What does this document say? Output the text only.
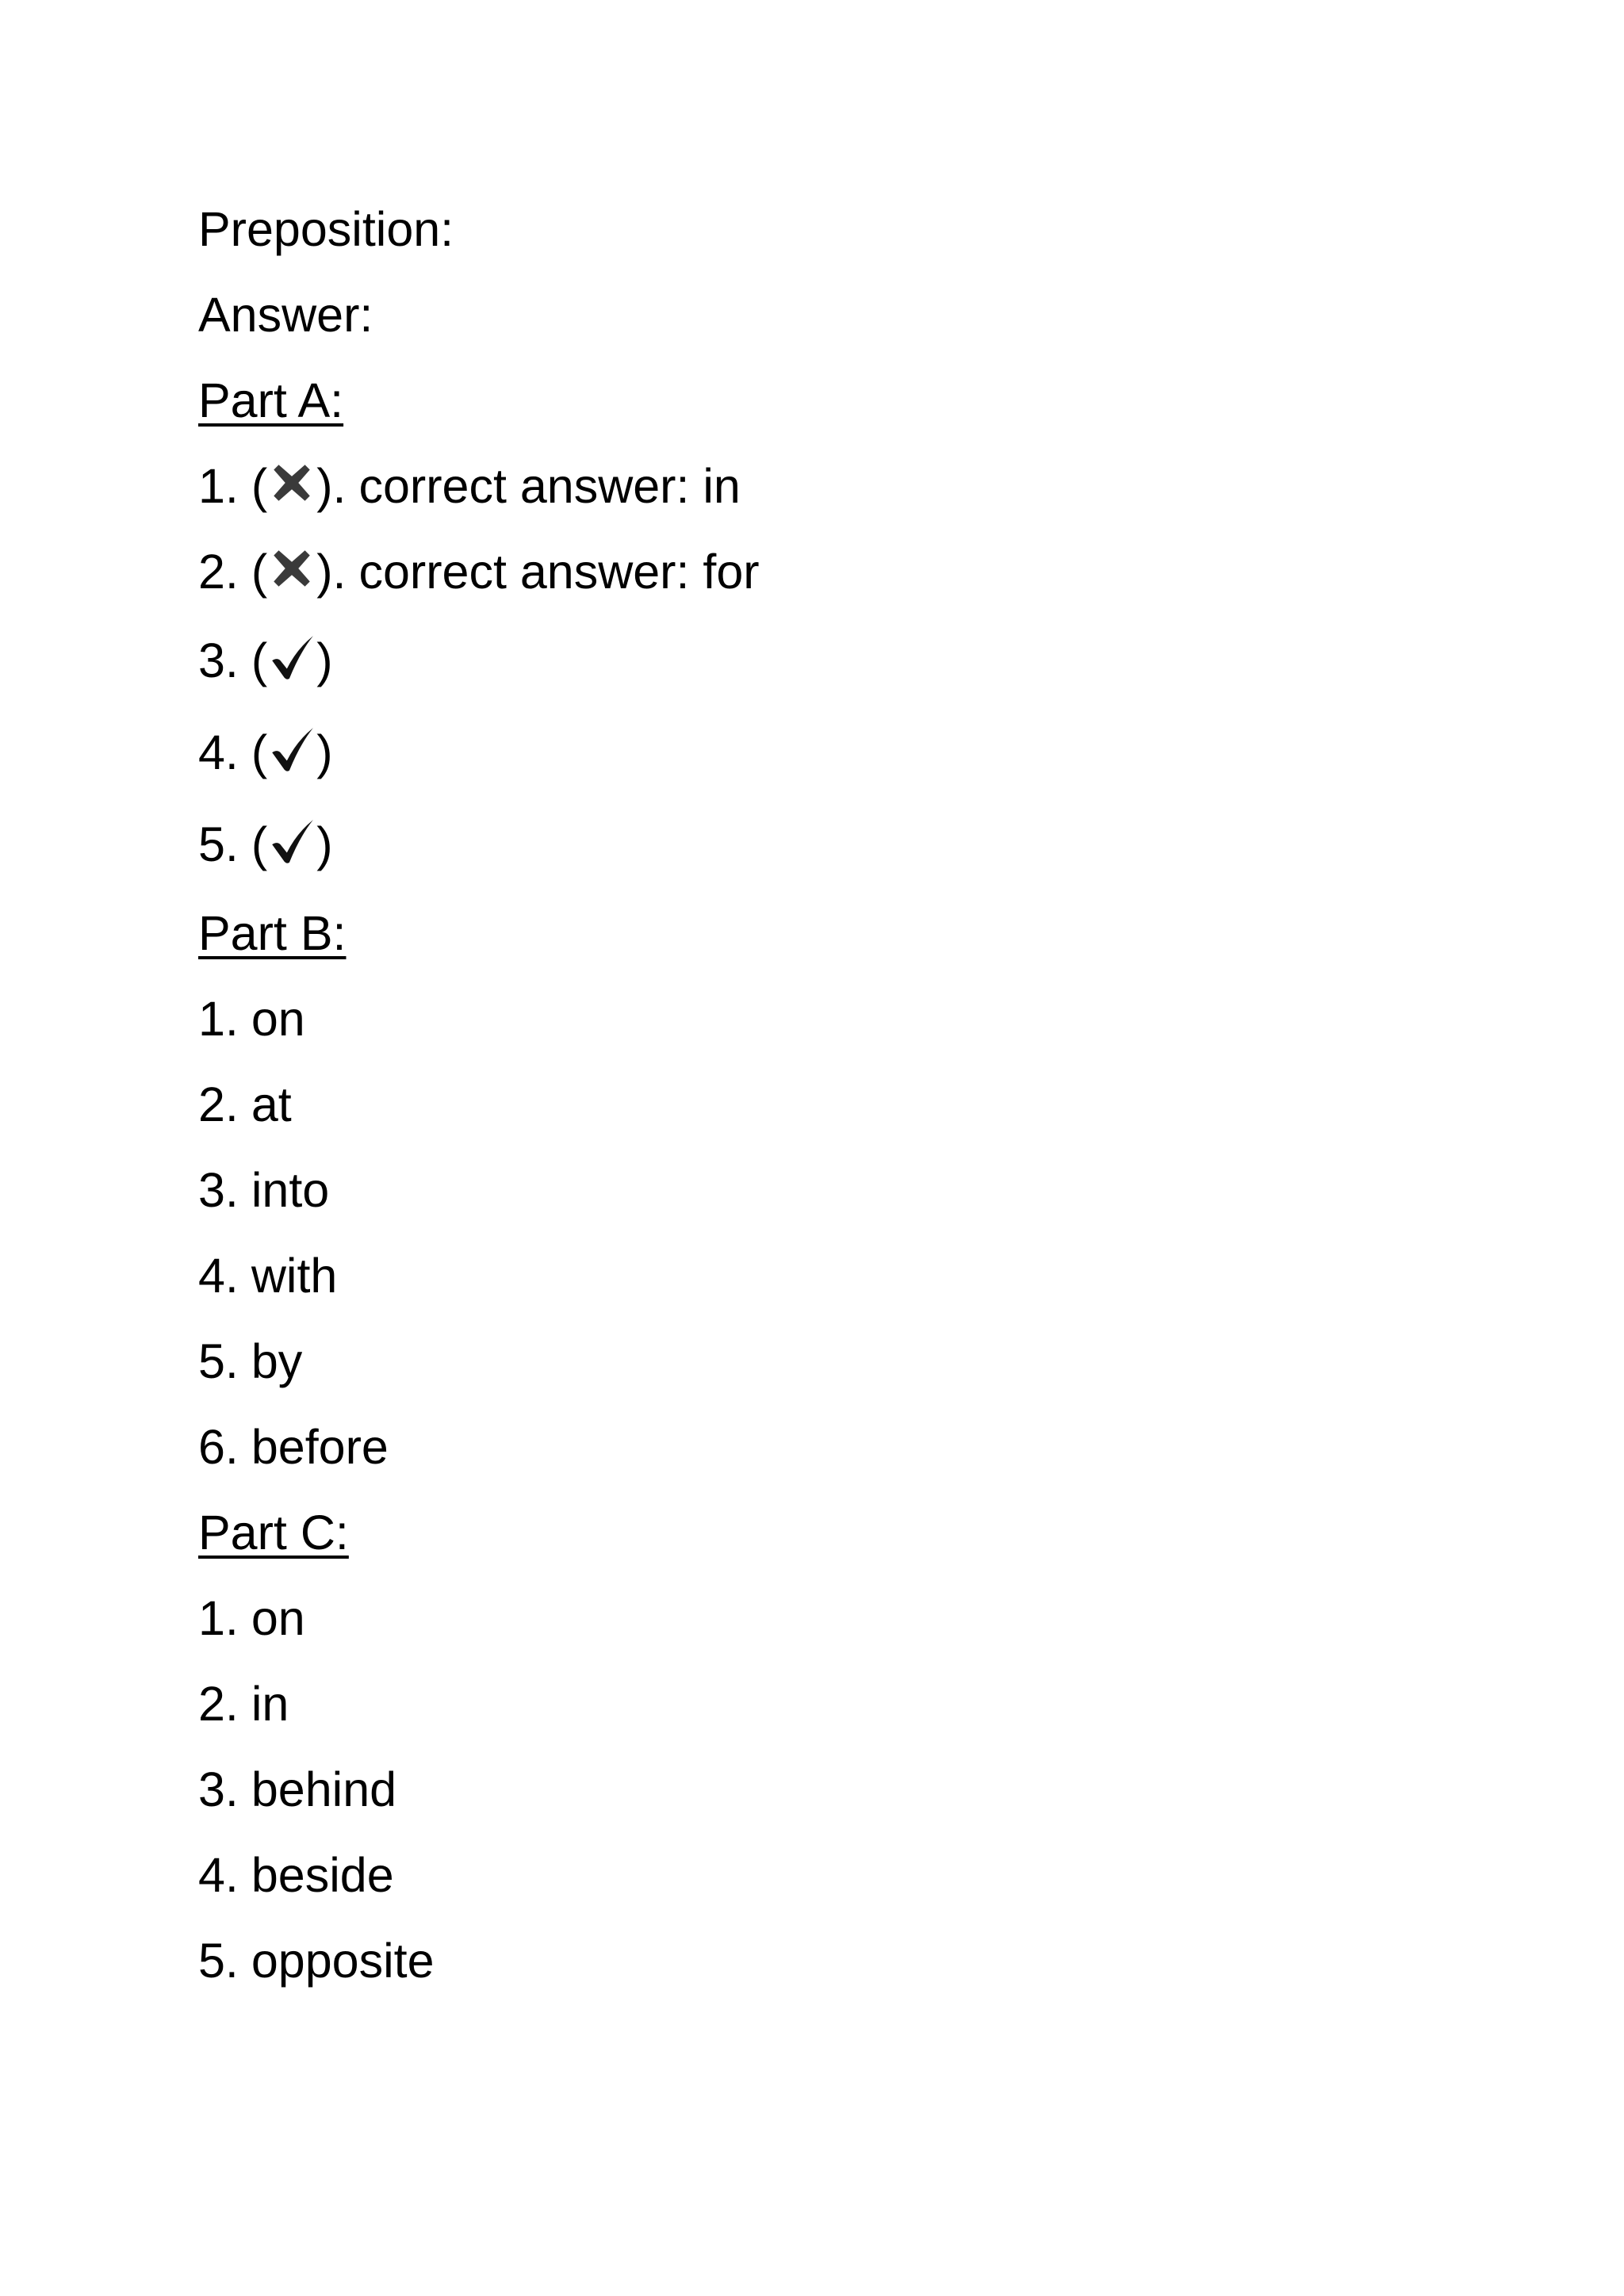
Preposition:
Answer:
Part A:
1. ( ). correct answer: in
2. ( ). correct answer: for
3. ( )
4. ( )
5. ( )
Part B:
1. on
2. at
3. into
4. with
5. by
6. before
Part C:
1. on
2. in
3. behind
4. beside
5. opposite
